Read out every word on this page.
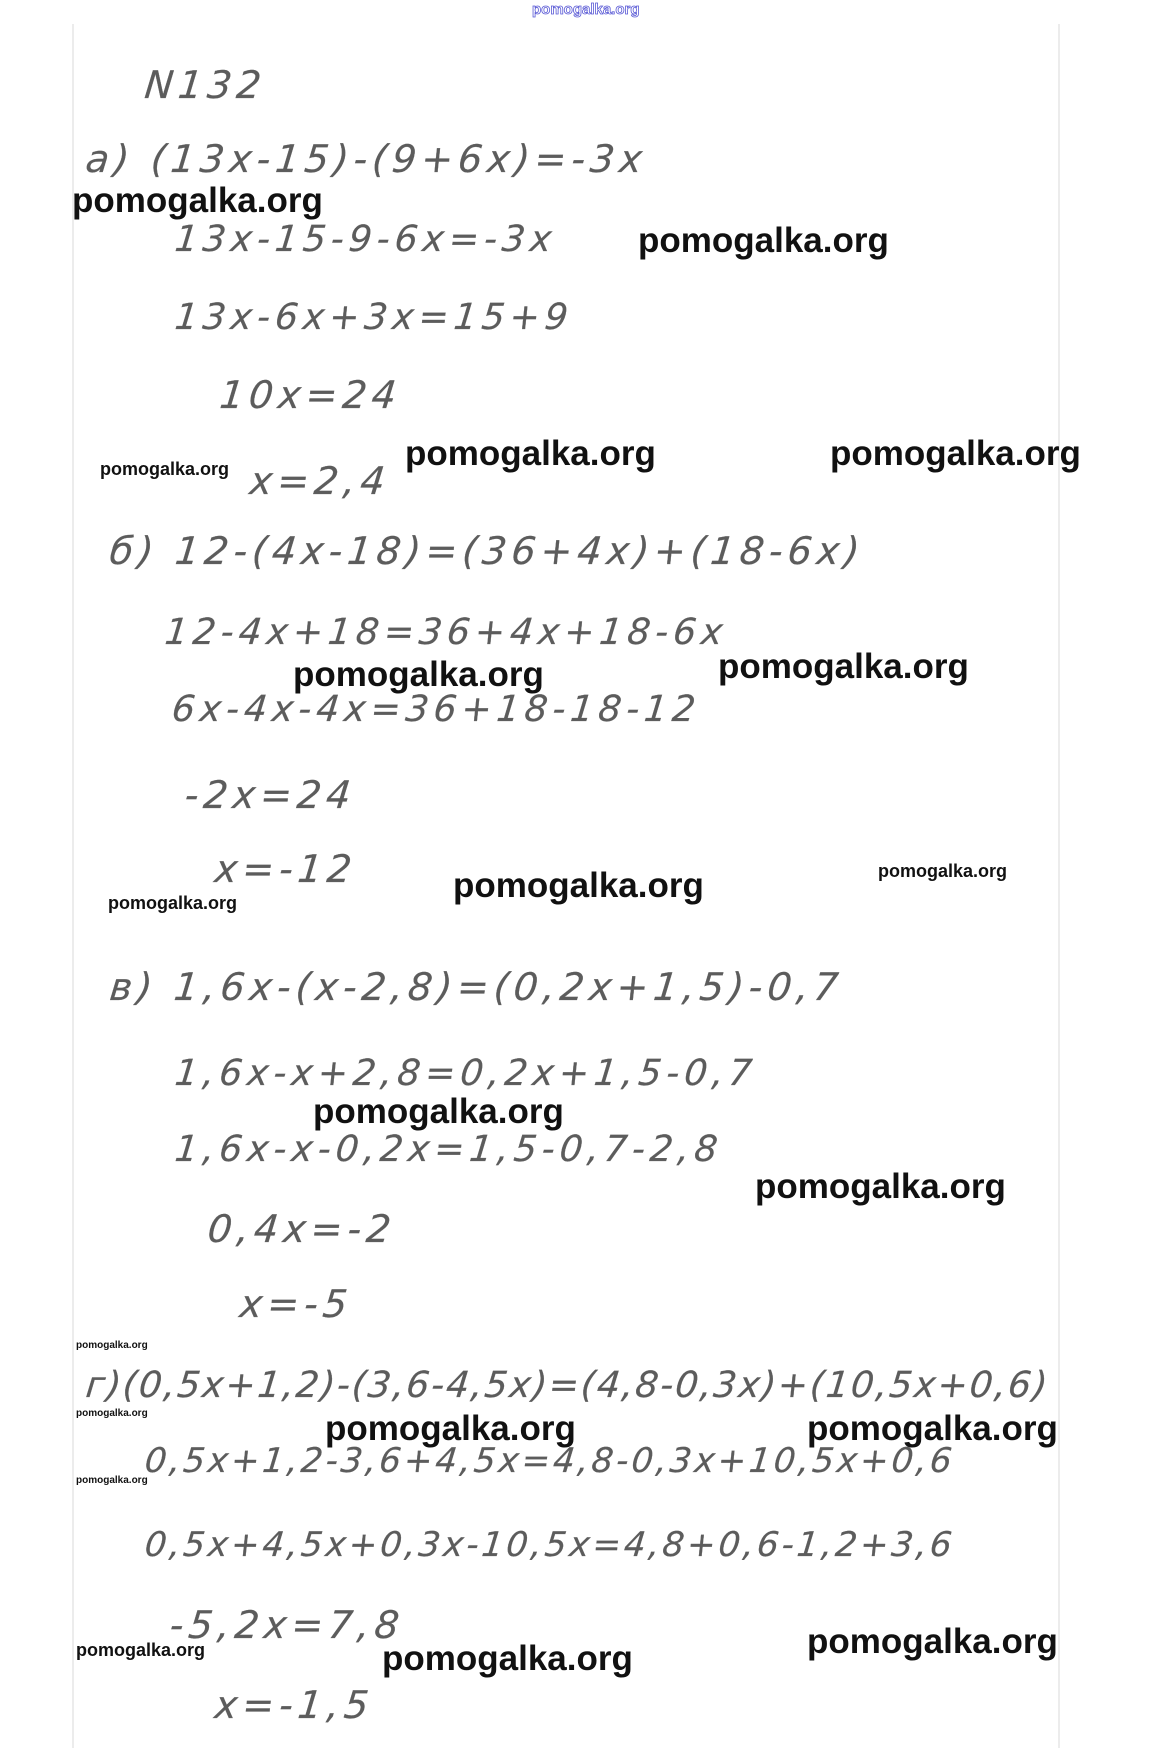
pomogalka.org
N132
а) (13x-15)-(9+6x)=-3x
13x-15-9-6x=-3x
13x-6x+3x=15+9
10x=24
x=2,4
б) 12-(4x-18)=(36+4x)+(18-6x)
12-4x+18=36+4x+18-6x
6x-4x-4x=36+18-18-12
-2x=24
x=-12
в) 1,6x-(x-2,8)=(0,2x+1,5)-0,7
1,6x-x+2,8=0,2x+1,5-0,7
1,6x-x-0,2x=1,5-0,7-2,8
0,4x=-2
x=-5
г)(0,5x+1,2)-(3,6-4,5x)=(4,8-0,3x)+(10,5x+0,6)
0,5x+1,2-3,6+4,5x=4,8-0,3x+10,5x+0,6
0,5x+4,5x+0,3x-10,5x=4,8+0,6-1,2+3,6
-5,2x=7,8
x=-1,5
pomogalka.org
pomogalka.org
pomogalka.org	pomogalka.org	pomogalka.org
pomogalka.org	pomogalka.org
pomogalka.org
pomogalka.org
pomogalka.org
pomogalka.org
pomogalka.org
pomogalka.org
pomogalka.org	pomogalka.org	pomogalka.org
pomogalka.org
pomogalka.org	pomogalka.org	pomogalka.org
